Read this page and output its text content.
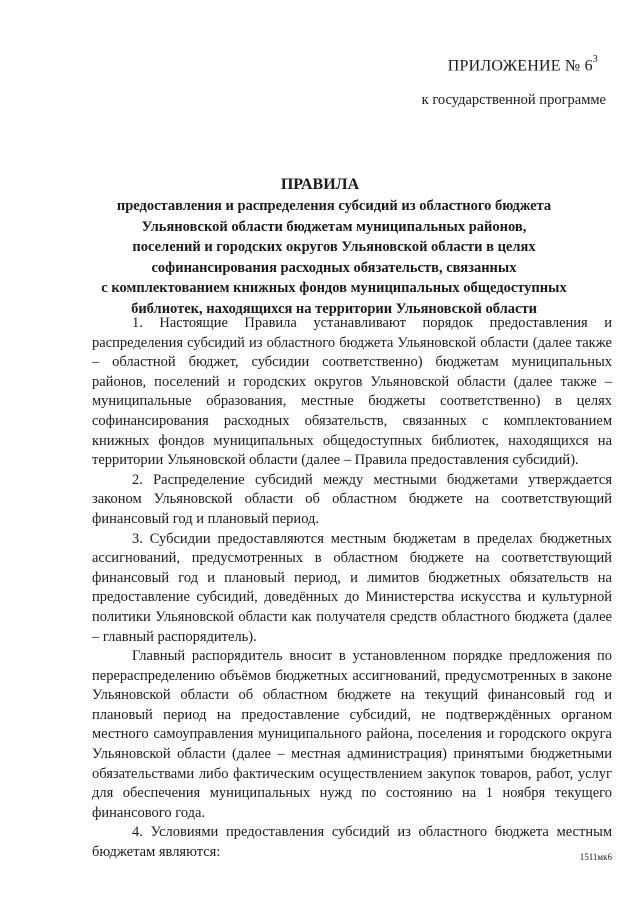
ПРИЛОЖЕНИЕ № $6^3$
к государственной программе
ПРАВИЛА
предоставления и распределения субсидий из областного бюджета
Ульяновской области бюджетам муниципальных районов,
поселений и городских округов Ульяновской области в целях
софинансирования расходных обязательств, связанных
с комплектованием книжных фондов муниципальных общедоступных
библиотек, находящихся на территории Ульяновской области

1. Настоящие Правила устанавливают порядок предоставления и распределения субсидий из областного бюджета Ульяновской области (далее также – областной бюджет, субсидии соответственно) бюджетам муниципальных районов, поселений и городских округов Ульяновской области (далее также – муниципальные образования, местные бюджеты соответственно) в целях софинансирования расходных обязательств, связанных с комплектованием книжных фондов муниципальных общедоступных библиотек, находящихся на территории Ульяновской области (далее – Правила предоставления субсидий).

2. Распределение субсидий между местными бюджетами утверждается законом Ульяновской области об областном бюджете на соответствующий финансовый год и плановый период.

3. Субсидии предоставляются местным бюджетам в пределах бюджетных ассигнований, предусмотренных в областном бюджете на соответствующий финансовый год и плановый период, и лимитов бюджетных обязательств на предоставление субсидий, доведённых до Министерства искусства и культурной политики Ульяновской области как получателя средств областного бюджета (далее – главный распорядитель).

Главный распорядитель вносит в установленном порядке предложения по перераспределению объёмов бюджетных ассигнований, предусмотренных в законе Ульяновской области об областном бюджете на текущий финансовый год и плановый период на предоставление субсидий, не подтверждённых органом местного самоуправления муниципального района, поселения и городского округа Ульяновской области (далее – местная администрация) принятыми бюджетными обязательствами либо фактическим осуществлением закупок товаров, работ, услуг для обеспечения муниципальных нужд по состоянию на 1 ноября текущего финансового года.

4. Условиями предоставления субсидий из областного бюджета местным бюджетам являются:	1511мк6
